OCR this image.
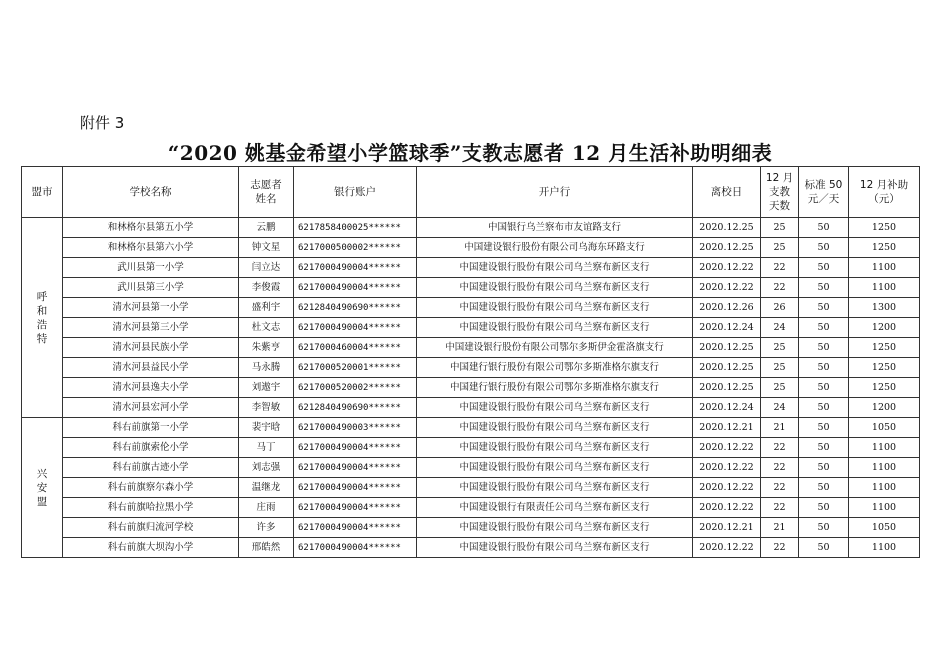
附件 3
“2020 姚基金希望小学篮球季”支教志愿者 12 月生活补助明细表
盟市	学校名称	志愿者姓名	银行账户	开户行	离校日	12 月支教天数	标准 50 元／天	12 月补助（元）
呼和浩特	和林格尔县第五小学	云鹏	6217858400025******	中国银行乌兰察布市友谊路支行	2020.12.25	25	50	1250
	和林格尔县第六小学	钟文星	6217000500002******	中国建设银行股份有限公司乌海东环路支行	2020.12.25	25	50	1250
	武川县第一小学	闫立达	6217000490004******	中国建设银行股份有限公司乌兰察布新区支行	2020.12.22	22	50	1100
	武川县第三小学	李俊霞	6217000490004******	中国建设银行股份有限公司乌兰察布新区支行	2020.12.22	22	50	1100
	清水河县第一小学	盛利宇	6212840490690******	中国建设银行股份有限公司乌兰察布新区支行	2020.12.26	26	50	1300
	清水河县第三小学	杜文志	6217000490004******	中国建设银行股份有限公司乌兰察布新区支行	2020.12.24	24	50	1200
	清水河县民族小学	朱紫亨	6217000460004******	中国建设银行股份有限公司鄂尔多斯伊金霍洛旗支行	2020.12.25	25	50	1250
	清水河县益民小学	马永腾	6217000520001******	中国建行银行股份有限公司鄂尔多斯准格尔旗支行	2020.12.25	25	50	1250
	清水河县逸夫小学	刘遨宇	6217000520002******	中国建行银行股份有限公司鄂尔多斯准格尔旗支行	2020.12.25	25	50	1250
	清水河县宏河小学	李智敏	6212840490690******	中国建设银行股份有限公司乌兰察布新区支行	2020.12.24	24	50	1200
兴安盟	科右前旗第一小学	裴宇晗	6217000490003******	中国建设银行股份有限公司乌兰察布新区支行	2020.12.21	21	50	1050
	科右前旗索伦小学	马丁	6217000490004******	中国建设银行股份有限公司乌兰察布新区支行	2020.12.22	22	50	1100
	科右前旗古迹小学	刘志强	6217000490004******	中国建设银行股份有限公司乌兰察布新区支行	2020.12.22	22	50	1100
	科右前旗察尔森小学	温继龙	6217000490004******	中国建设银行股份有限公司乌兰察布新区支行	2020.12.22	22	50	1100
	科右前旗哈拉黑小学	庄雨	6217000490004******	中国建设银行有限责任公司乌兰察布新区支行	2020.12.22	22	50	1100
	科右前旗归流河学校	许多	6217000490004******	中国建设银行股份有限公司乌兰察布新区支行	2020.12.21	21	50	1050
	科右前旗大坝沟小学	邢皓然	6217000490004******	中国建设银行股份有限公司乌兰察布新区支行	2020.12.22	22	50	1100
